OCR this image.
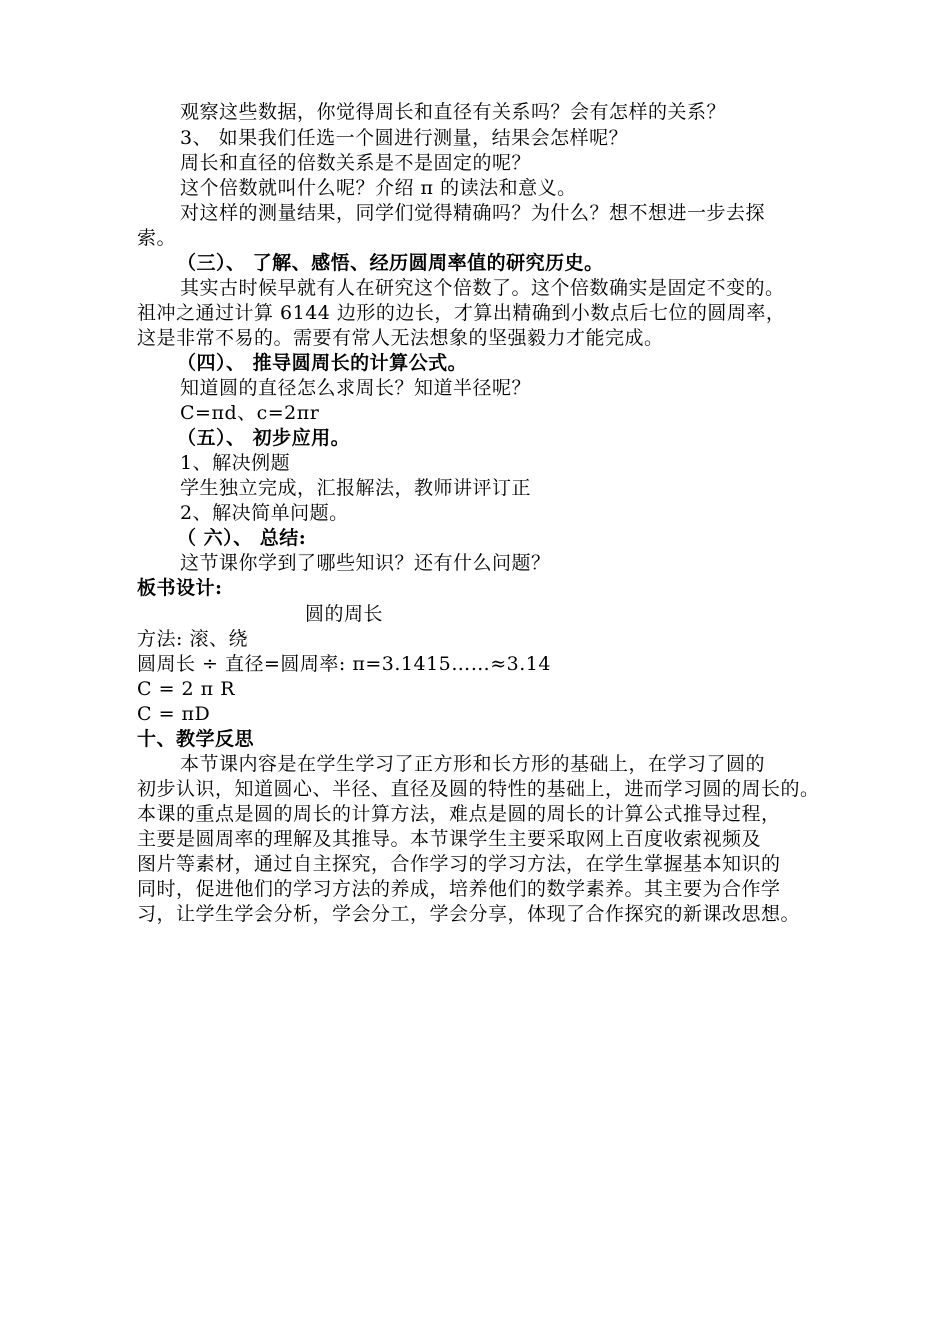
观察这些数据，你觉得周长和直径有关系吗？会有怎样的关系？
3、 如果我们任选一个圆进行测量，结果会怎样呢？
周长和直径的倍数关系是不是固定的呢？
这个倍数就叫什么呢？介绍 π 的读法和意义。
对这样的测量结果，同学们觉得精确吗？为什么？想不想进一步去探
索。
（三）、 了解、感悟、经历圆周率值的研究历史。
其实古时候早就有人在研究这个倍数了。这个倍数确实是固定不变的。
祖冲之通过计算 6144 边形的边长，才算出精确到小数点后七位的圆周率，
这是非常不易的。需要有常人无法想象的坚强毅力才能完成。
（四）、 推导圆周长的计算公式。
知道圆的直径怎么求周长？知道半径呢？
C=πd、c=2πr
（五）、 初步应用。
1、解决例题
学生独立完成，汇报解法，教师讲评订正
2、解决简单问题。
（ 六）、 总结:
这节课你学到了哪些知识？还有什么问题？
板书设计:
圆的周长
方法: 滚、绕
圆周长 ÷ 直径=圆周率: π=3.1415……≈3.14
C = 2 π R
C = πD
十、教学反思
本节课内容是在学生学习了正方形和长方形的基础上，在学习了圆的
初步认识，知道圆心、半径、直径及圆的特性的基础上，进而学习圆的周长的。
本课的重点是圆的周长的计算方法，难点是圆的周长的计算公式推导过程，
主要是圆周率的理解及其推导。本节课学生主要采取网上百度收索视频及
图片等素材，通过自主探究，合作学习的学习方法，在学生掌握基本知识的
同时，促进他们的学习方法的养成，培养他们的数学素养。其主要为合作学
习，让学生学会分析，学会分工，学会分享，体现了合作探究的新课改思想。
